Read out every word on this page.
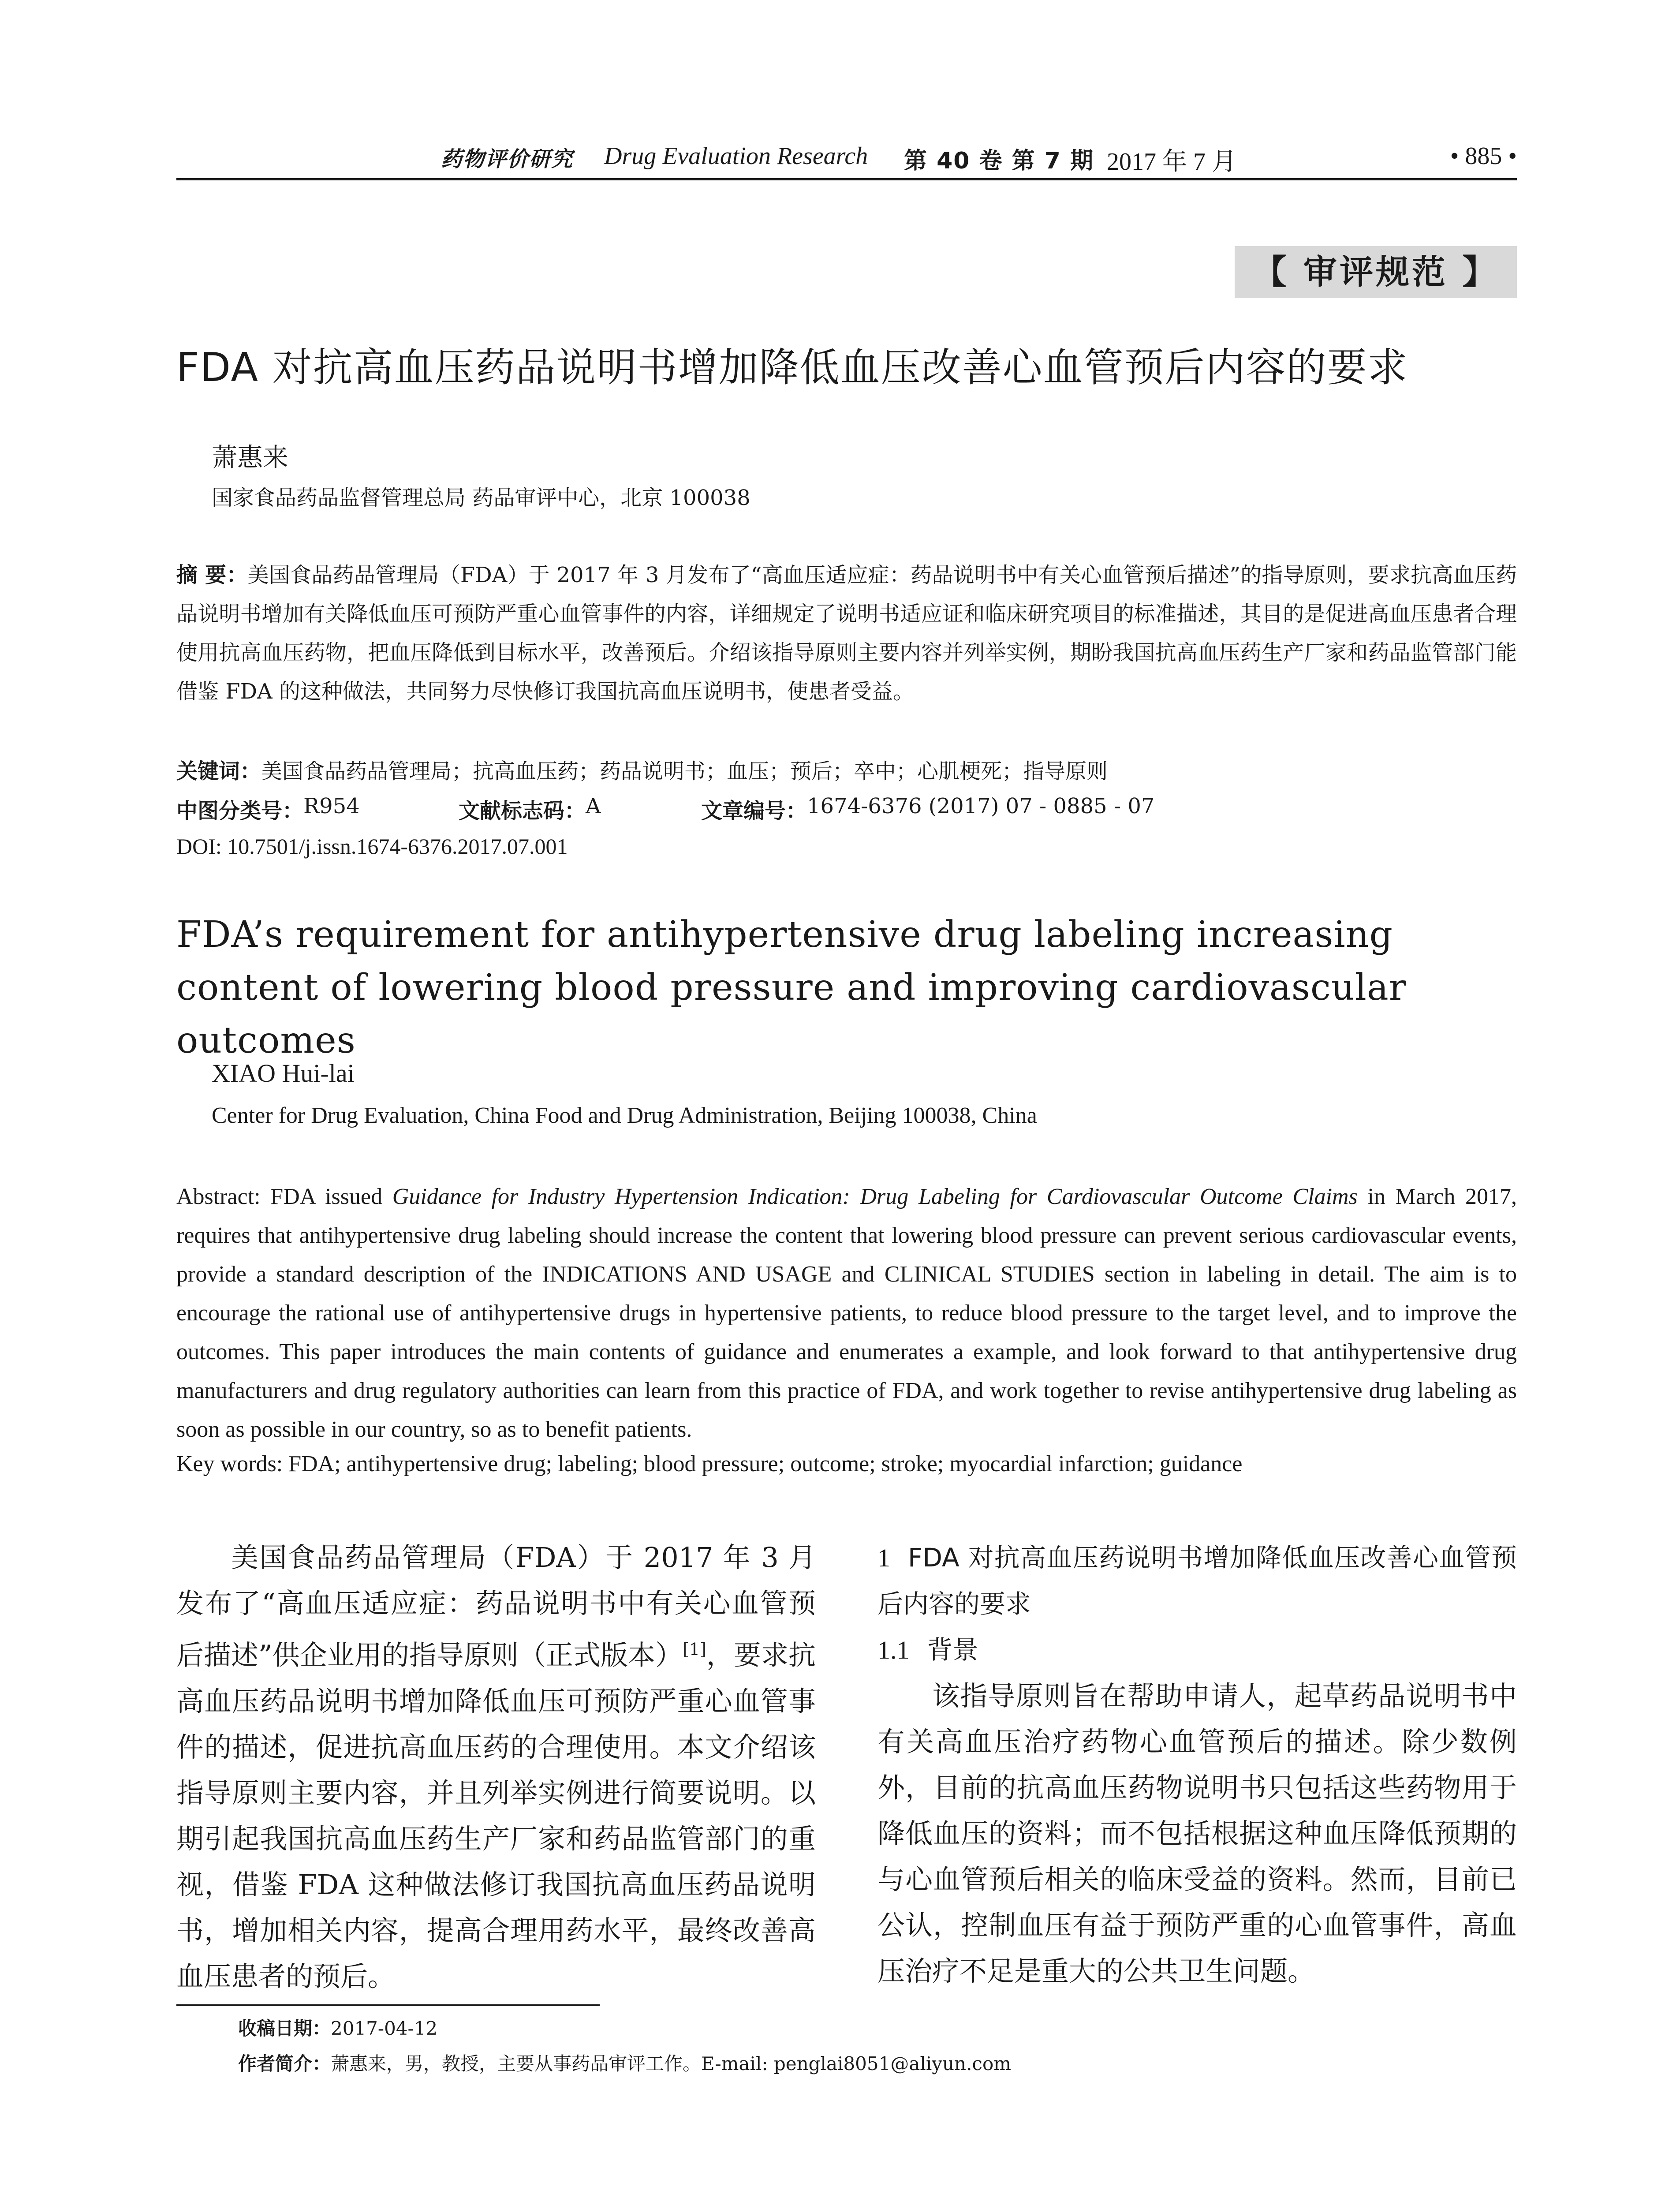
药物评价研究 Drug Evaluation Research 第 40 卷 第 7 期 2017 年 7 月	• 885 •
【 审评规范 】
FDA 对抗高血压药品说明书增加降低血压改善心血管预后内容的要求
萧惠来
国家食品药品监督管理总局 药品审评中心，北京 100038
摘 要：美国食品药品管理局（FDA）于 2017 年 3 月发布了“高血压适应症：药品说明书中有关心血管预后描述”的指导原则，要求抗高血压药品说明书增加有关降低血压可预防严重心血管事件的内容，详细规定了说明书适应证和临床研究项目的标准描述，其目的是促进高血压患者合理使用抗高血压药物，把血压降低到目标水平，改善预后。介绍该指导原则主要内容并列举实例，期盼我国抗高血压药生产厂家和药品监管部门能借鉴 FDA 的这种做法，共同努力尽快修订我国抗高血压说明书，使患者受益。
关键词：美国食品药品管理局；抗高血压药；药品说明书；血压；预后；卒中；心肌梗死；指导原则
中图分类号： R954	文献标志码： A	文章编号： 1674-6376 (2017) 07 - 0885 - 07
DOI: 10.7501/j.issn.1674-6376.2017.07.001
FDA’s requirement for antihypertensive drug labeling increasing content of lowering blood pressure and improving cardiovascular outcomes
XIAO Hui-lai
Center for Drug Evaluation, China Food and Drug Administration, Beijing 100038, China
Abstract: FDA issued Guidance for Industry Hypertension Indication: Drug Labeling for Cardiovascular Outcome Claims in March 2017, requires that antihypertensive drug labeling should increase the content that lowering blood pressure can prevent serious cardiovascular events, provide a standard description of the INDICATIONS AND USAGE and CLINICAL STUDIES section in labeling in detail. The aim is to encourage the rational use of antihypertensive drugs in hypertensive patients, to reduce blood pressure to the target level, and to improve the outcomes. This paper introduces the main contents of guidance and enumerates a example, and look forward to that antihypertensive drug manufacturers and drug regulatory authorities can learn from this practice of FDA, and work together to revise antihypertensive drug labeling as soon as possible in our country, so as to benefit patients.
Key words: FDA; antihypertensive drug; labeling; blood pressure; outcome; stroke; myocardial infarction; guidance

美国食品药品管理局（FDA）于 2017 年 3 月发布了“高血压适应症：药品说明书中有关心血管预后描述”供企业用的指导原则（正式版本）[1]，要求抗高血压药品说明书增加降低血压可预防严重心血管事件的描述，促进抗高血压药的合理使用。本文介绍该指导原则主要内容，并且列举实例进行简要说明。以期引起我国抗高血压药生产厂家和药品监管部门的重视，借鉴 FDA 这种做法修订我国抗高血压药品说明书，增加相关内容，提高合理用药水平，最终改善高血压患者的预后。

1 FDA 对抗高血压药说明书增加降低血压改善心血管预后内容的要求

1.1 背景

该指导原则旨在帮助申请人，起草药品说明书中有关高血压治疗药物心血管预后的描述。除少数例外，目前的抗高血压药物说明书只包括这些药物用于降低血压的资料；而不包括根据这种血压降低预期的与心血管预后相关的临床受益的资料。然而，目前已公认，控制血压有益于预防严重的心血管事件，高血压治疗不足是重大的公共卫生问题。

收稿日期：2017-04-12
作者简介：萧惠来，男，教授，主要从事药品审评工作。E-mail: penglai8051@aliyun.com
